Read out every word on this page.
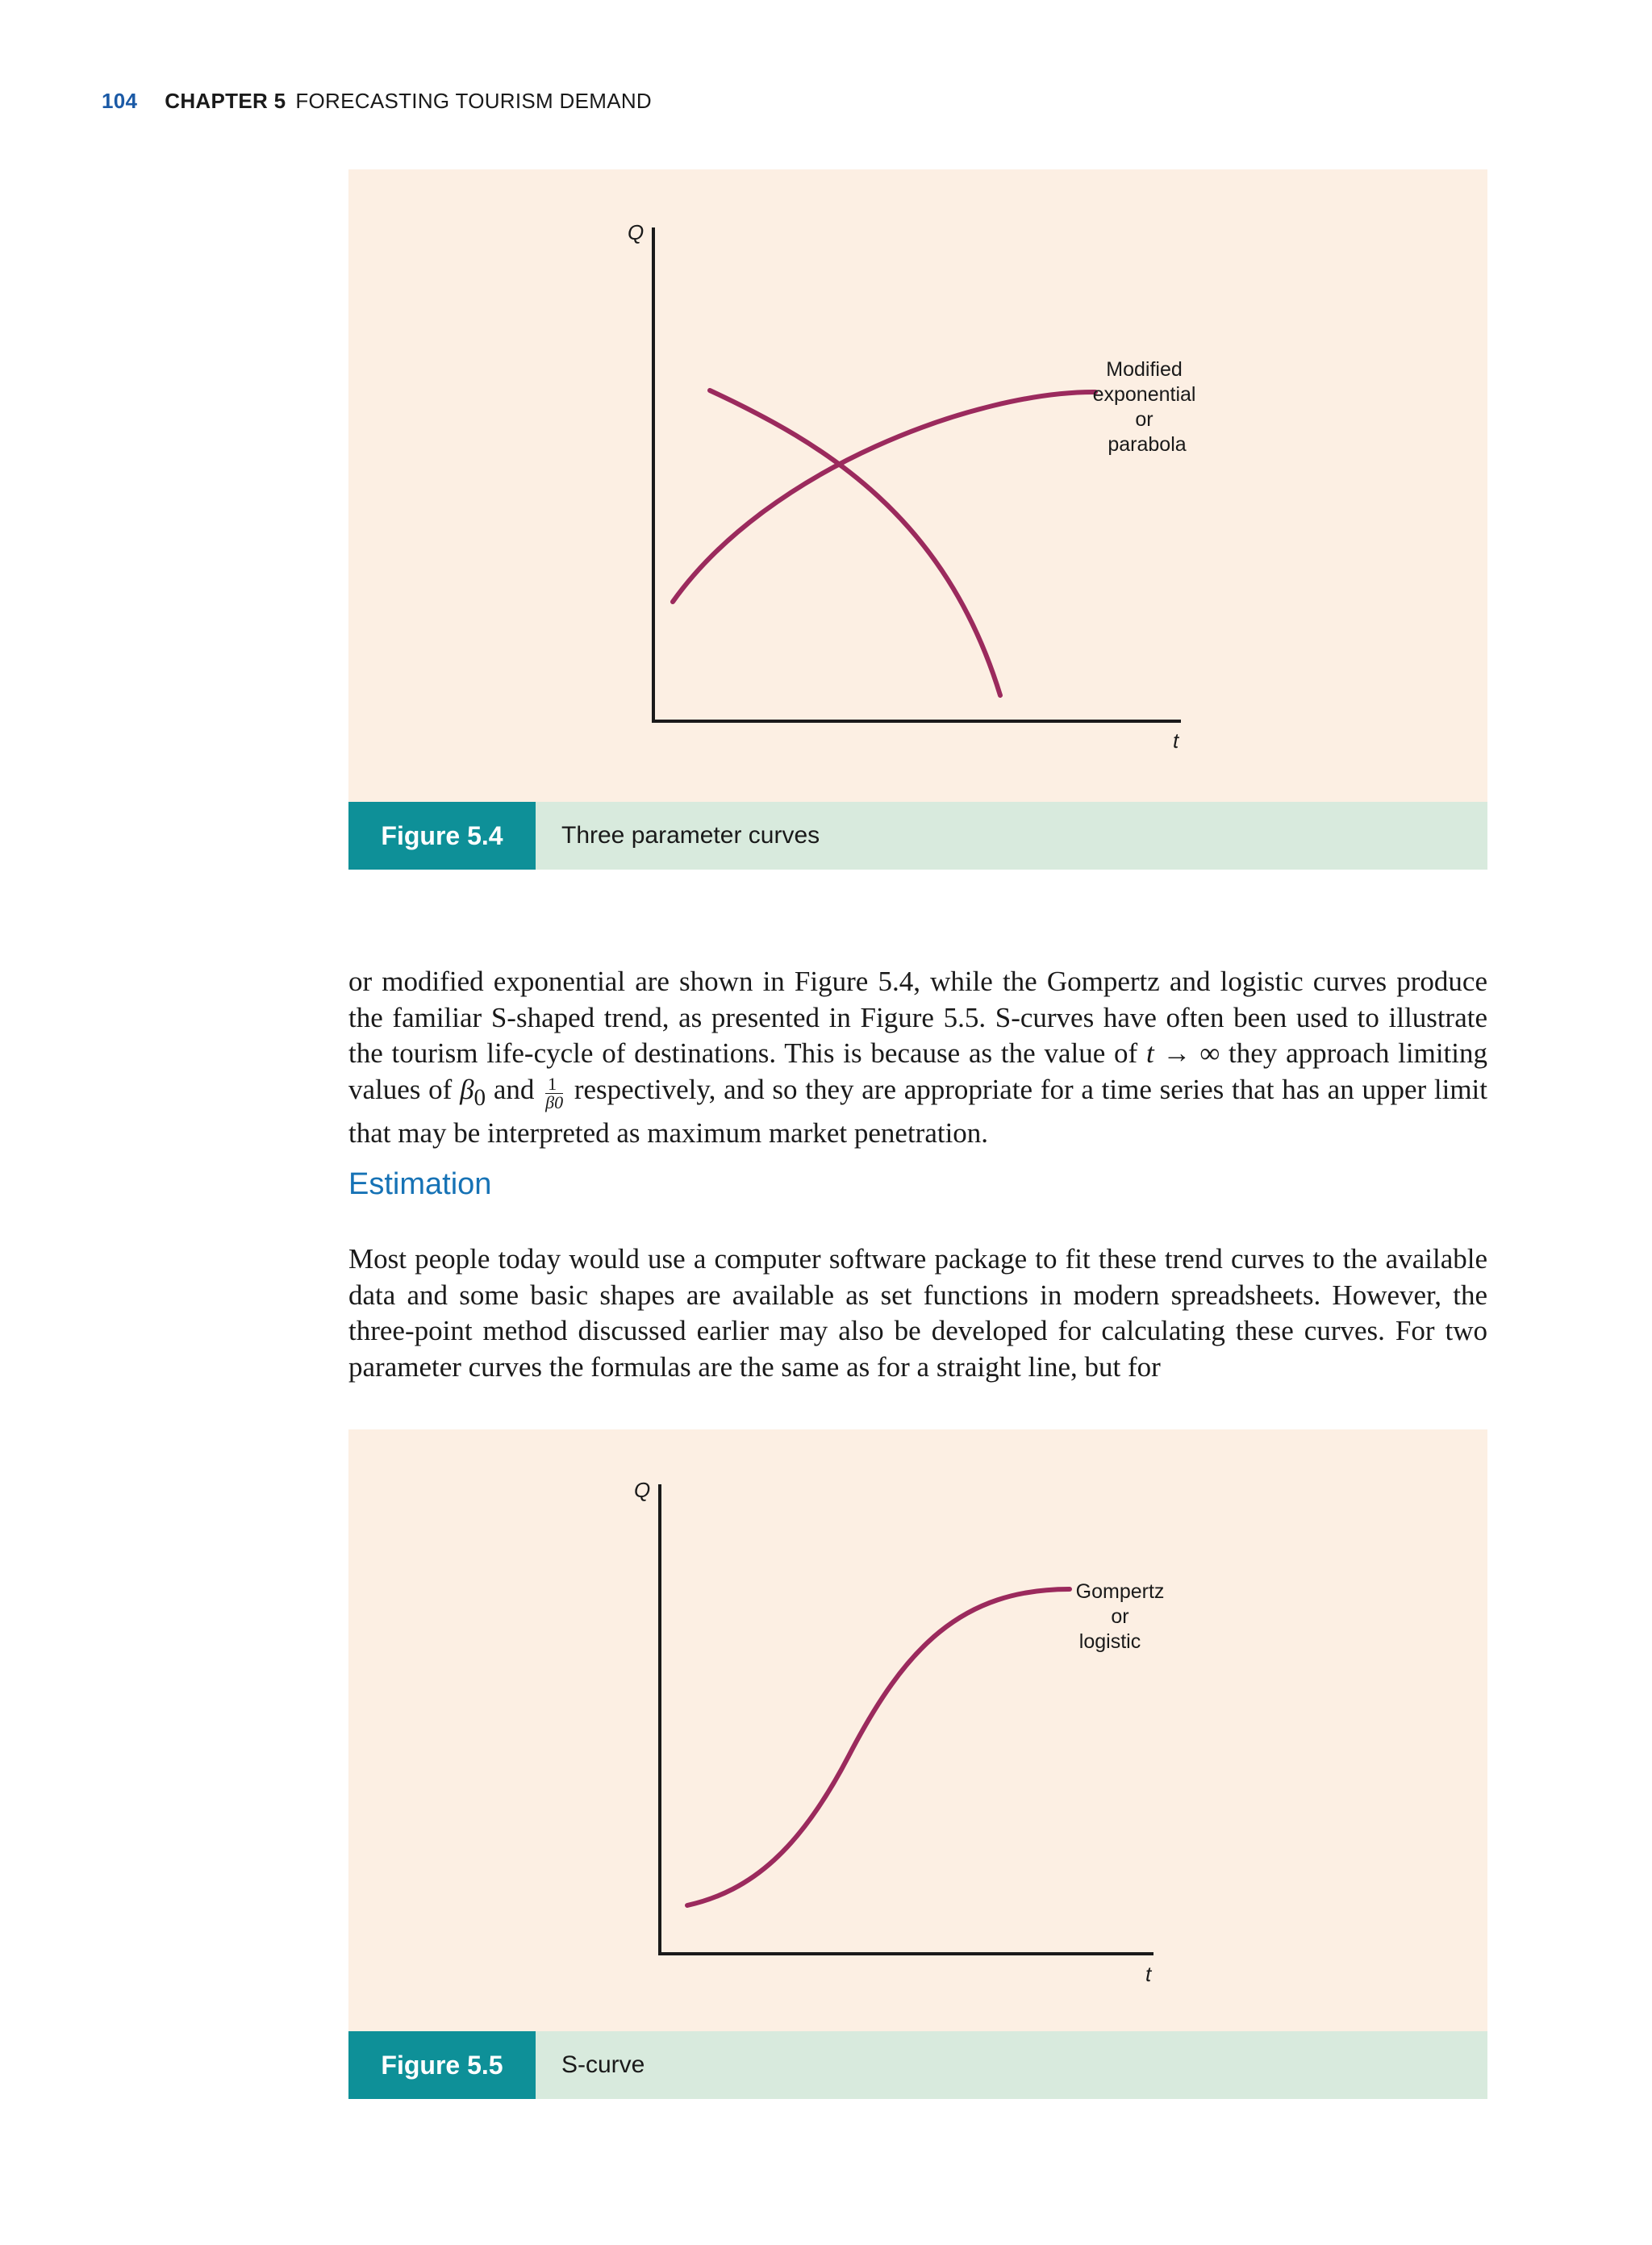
104 CHAPTER 5 FORECASTING TOURISM DEMAND
Q
t
Modified exponential or parabola
Figure 5.4	Three parameter curves

or modified exponential are shown in Figure 5.4, while the Gompertz and logistic curves produce the familiar S-shaped trend, as presented in Figure 5.5. S-curves have often been used to illustrate the tourism life-cycle of destinations. This is because as the value of t → ∞ they approach limiting values of $\beta_0$ and $\frac{1}{\beta 0}$ respectively, and so they are appropriate for a time series that has an upper limit that may be interpreted as maximum market penetration.

Estimation

Most people today would use a computer software package to fit these trend curves to the available data and some basic shapes are available as set functions in modern spreadsheets. However, the three-point method discussed earlier may also be developed for calculating these curves. For two parameter curves the formulas are the same as for a straight line, but for

Q
t
Gompertz or logistic
Figure 5.5	S-curve
